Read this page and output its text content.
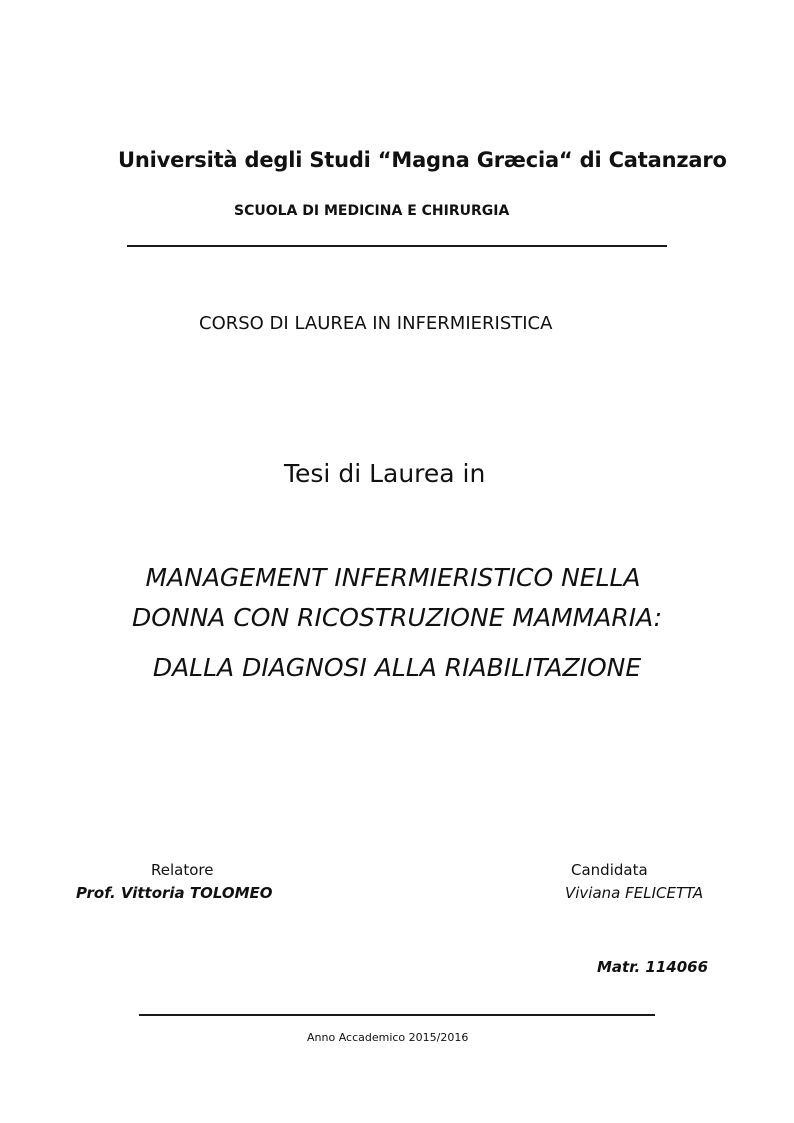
Università degli Studi “Magna Græcia“ di Catanzaro
SCUOLA DI MEDICINA E CHIRURGIA
CORSO DI LAUREA IN INFERMIERISTICA
Tesi di Laurea in
MANAGEMENT INFERMIERISTICO NELLA
DONNA CON RICOSTRUZIONE MAMMARIA:
DALLA DIAGNOSI ALLA RIABILITAZIONE
Relatore
Prof. Vittoria TOLOMEO
Candidata
Viviana FELICETTA
Matr. 114066
Anno Accademico 2015/2016
